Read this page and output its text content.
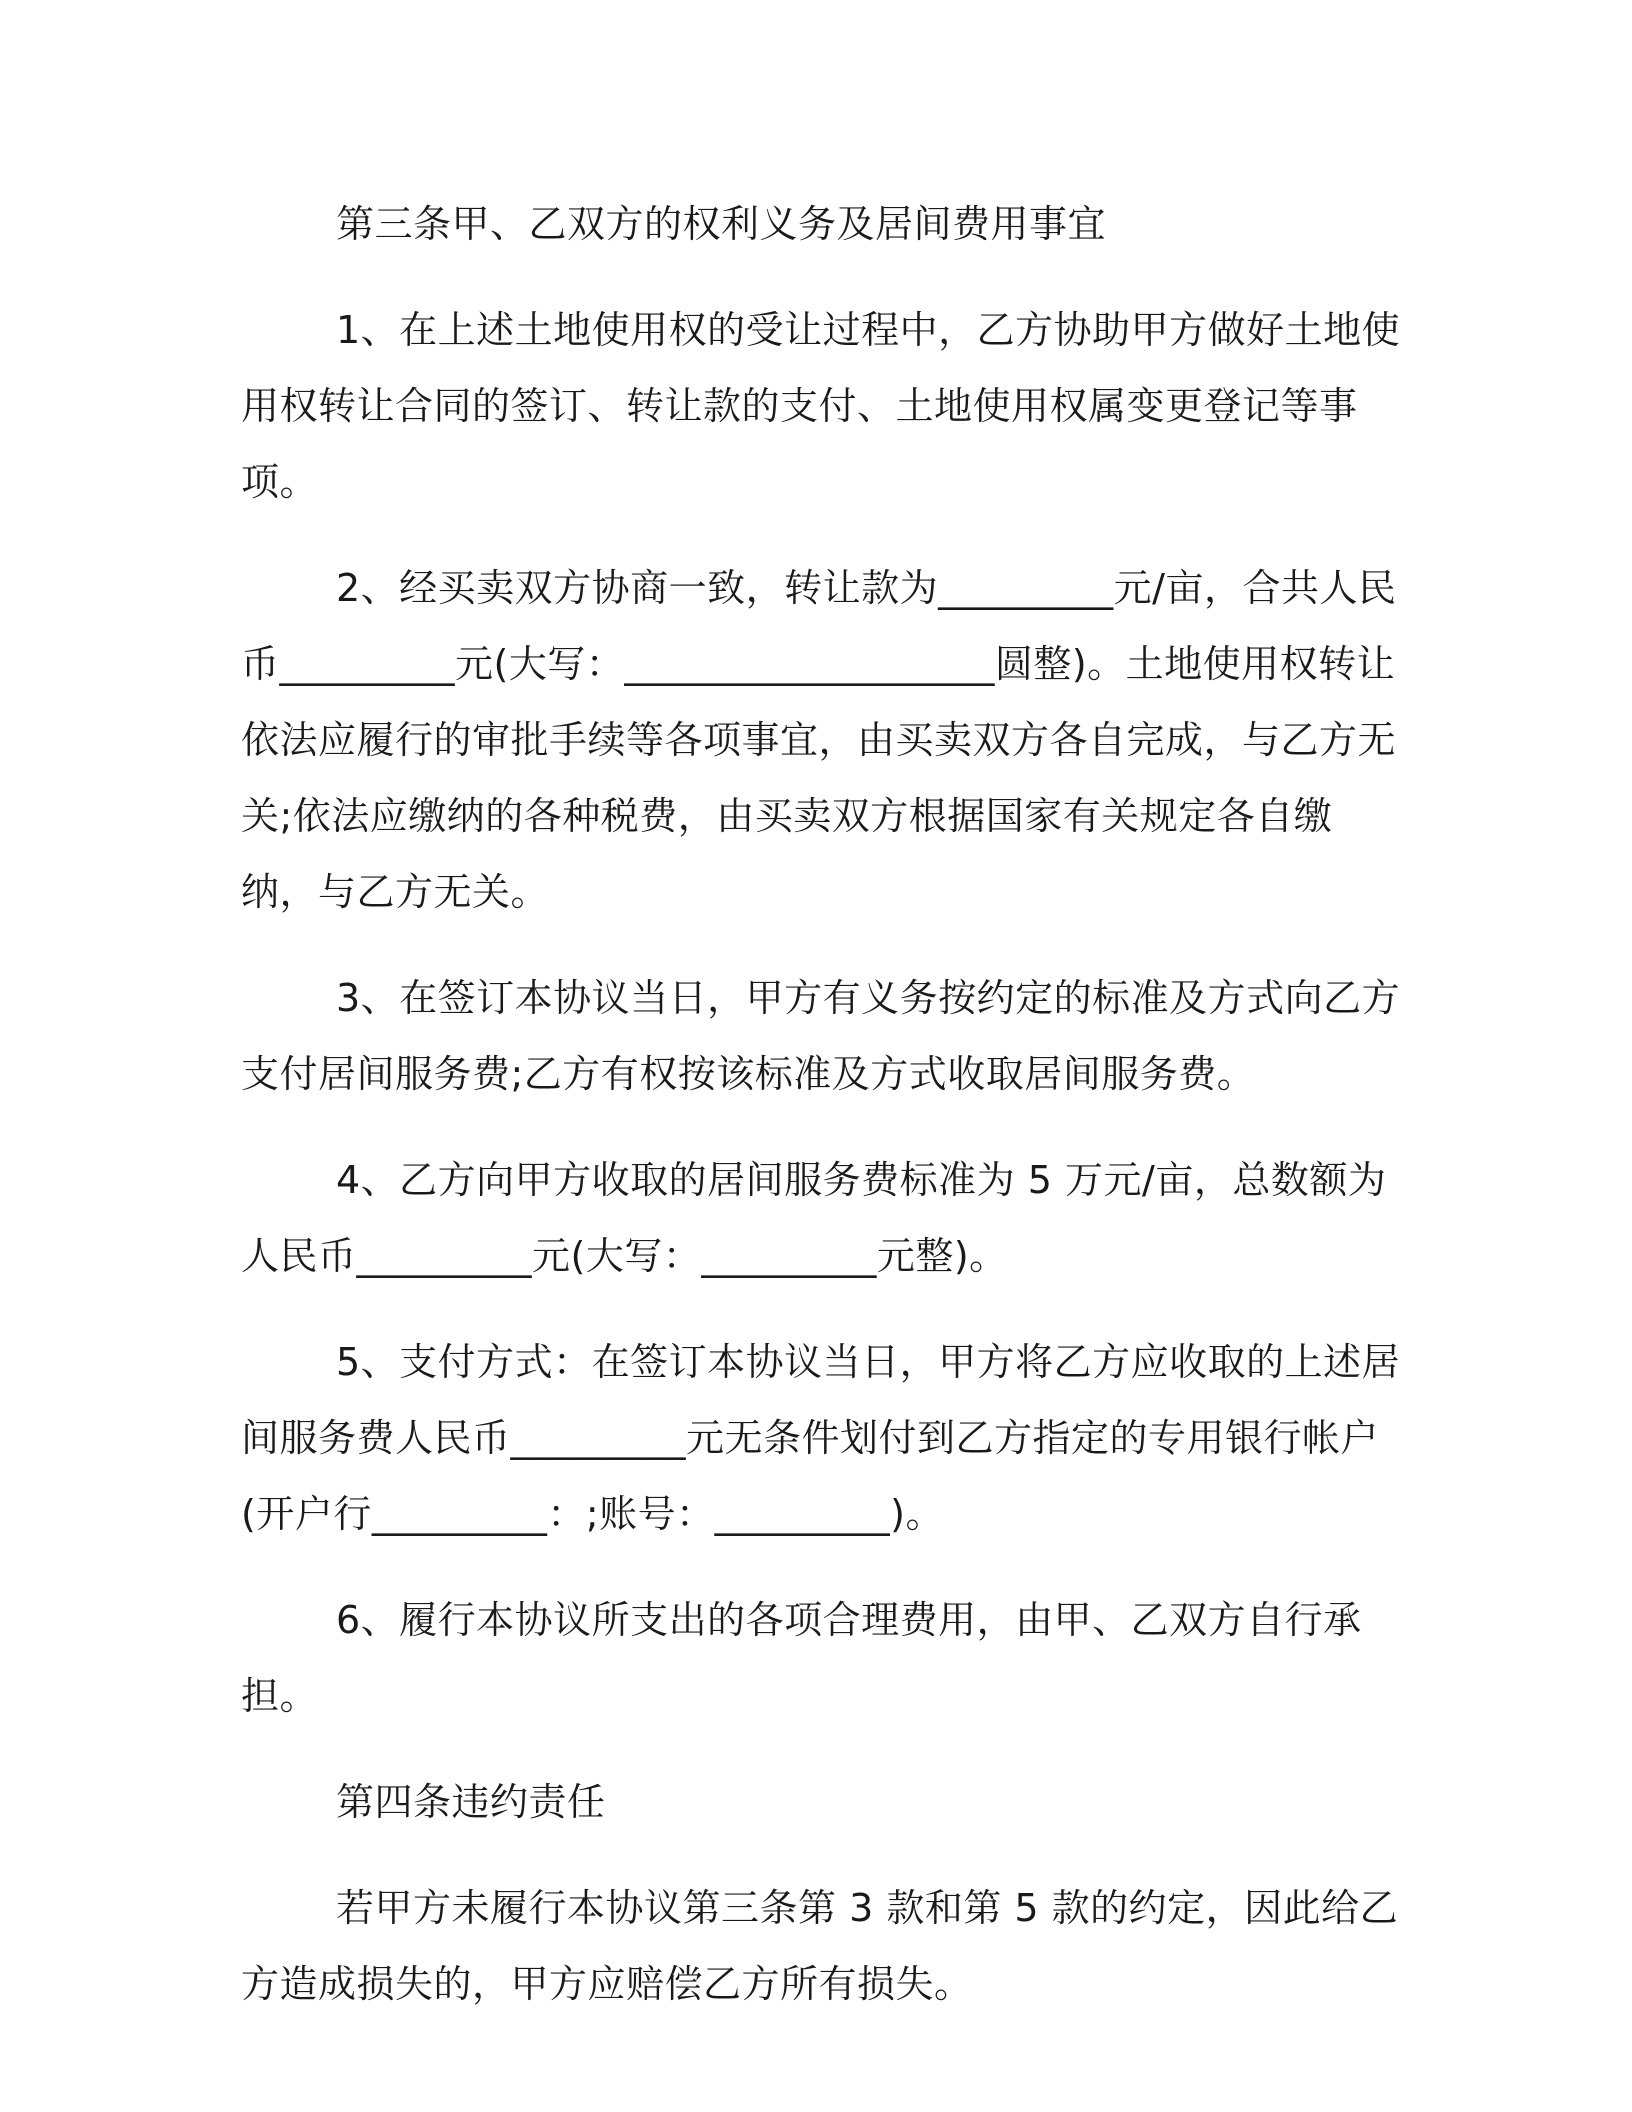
第三条甲、乙双方的权利义务及居间费用事宜

1、在上述土地使用权的受让过程中，乙方协助甲方做好土地使用权转让合同的签订、转让款的支付、土地使用权属变更登记等事项。

2、经买卖双方协商一致，转让款为_________元/亩，合共人民币_________元(大写：___________________圆整)。土地使用权转让依法应履行的审批手续等各项事宜，由买卖双方各自完成，与乙方无关;依法应缴纳的各种税费，由买卖双方根据国家有关规定各自缴纳，与乙方无关。

3、在签订本协议当日，甲方有义务按约定的标准及方式向乙方支付居间服务费;乙方有权按该标准及方式收取居间服务费。

4、乙方向甲方收取的居间服务费标准为 5 万元/亩，总数额为人民币_________元(大写：_________元整)。

5、支付方式：在签订本协议当日，甲方将乙方应收取的上述居间服务费人民币_________元无条件划付到乙方指定的专用银行帐户(开户行_________：;账号：_________)。

6、履行本协议所支出的各项合理费用，由甲、乙双方自行承担。

第四条违约责任

若甲方未履行本协议第三条第 3 款和第 5 款的约定，因此给乙方造成损失的，甲方应赔偿乙方所有损失。
